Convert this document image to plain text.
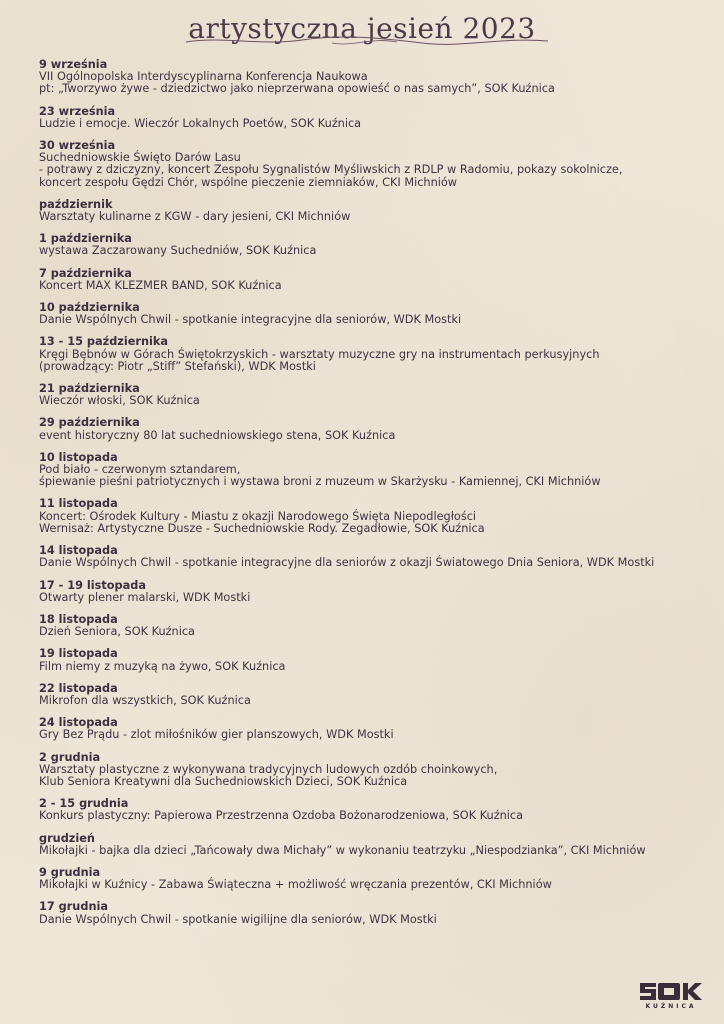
artystyczna jesień 2023
9 września
VII Ogólnopolska Interdyscyplinarna Konferencja Naukowa
pt: „Tworzywo żywe - dziedzictwo jako nieprzerwana opowieść o nas samych”, SOK Kuźnica
23 września
Ludzie i emocje. Wieczór Lokalnych Poetów, SOK Kuźnica
30 września
Suchedniowskie Święto Darów Lasu
- potrawy z dziczyzny, koncert Zespołu Sygnalistów Myśliwskich z RDLP w Radomiu, pokazy sokolnicze,
koncert zespołu Gędzi Chór, wspólne pieczenie ziemniaków, CKI Michniów
październik
Warsztaty kulinarne z KGW - dary jesieni, CKI Michniów
1 października
wystawa Zaczarowany Suchedniów, SOK Kuźnica
7 października
Koncert MAX KLEZMER BAND, SOK Kuźnica
10 października
Danie Wspólnych Chwil - spotkanie integracyjne dla seniorów, WDK Mostki
13 - 15 października
Kręgi Bębnów w Górach Świętokrzyskich - warsztaty muzyczne gry na instrumentach perkusyjnych
(prowadzący: Piotr „Stiff” Stefański), WDK Mostki
21 października
Wieczór włoski, SOK Kuźnica
29 października
event historyczny 80 lat suchedniowskiego stena, SOK Kuźnica
10 listopada
Pod biało - czerwonym sztandarem,
śpiewanie pieśni patriotycznych i wystawa broni z muzeum w Skarżysku - Kamiennej, CKI Michniów
11 listopada
Koncert: Ośrodek Kultury - Miastu z okazji Narodowego Święta Niepodległości
Wernisaż: Artystyczne Dusze - Suchedniowskie Rody. Zegadłowie, SOK Kuźnica
14 listopada
Danie Wspólnych Chwil - spotkanie integracyjne dla seniorów z okazji Światowego Dnia Seniora, WDK Mostki
17 - 19 listopada
Otwarty plener malarski, WDK Mostki
18 listopada
Dzień Seniora, SOK Kuźnica
19 listopada
Film niemy z muzyką na żywo, SOK Kuźnica
22 listopada
Mikrofon dla wszystkich, SOK Kuźnica
24 listopada
Gry Bez Prądu - zlot miłośników gier planszowych, WDK Mostki
2 grudnia
Warsztaty plastyczne z wykonywana tradycyjnych ludowych ozdób choinkowych,
Klub Seniora Kreatywni dla Suchedniowskich Dzieci, SOK Kuźnica
2 - 15 grudnia
Konkurs plastyczny: Papierowa Przestrzenna Ozdoba Bożonarodzeniowa, SOK Kuźnica
grudzień
Mikołajki - bajka dla dzieci „Tańcowały dwa Michały” w wykonaniu teatrzyku „Niespodzianka”, CKI Michniów
9 grudnia
Mikołajki w Kuźnicy - Zabawa Świąteczna + możliwość wręczania prezentów, CKI Michniów
17 grudnia
Danie Wspólnych Chwil - spotkanie wigilijne dla seniorów, WDK Mostki
KUŹNICA
